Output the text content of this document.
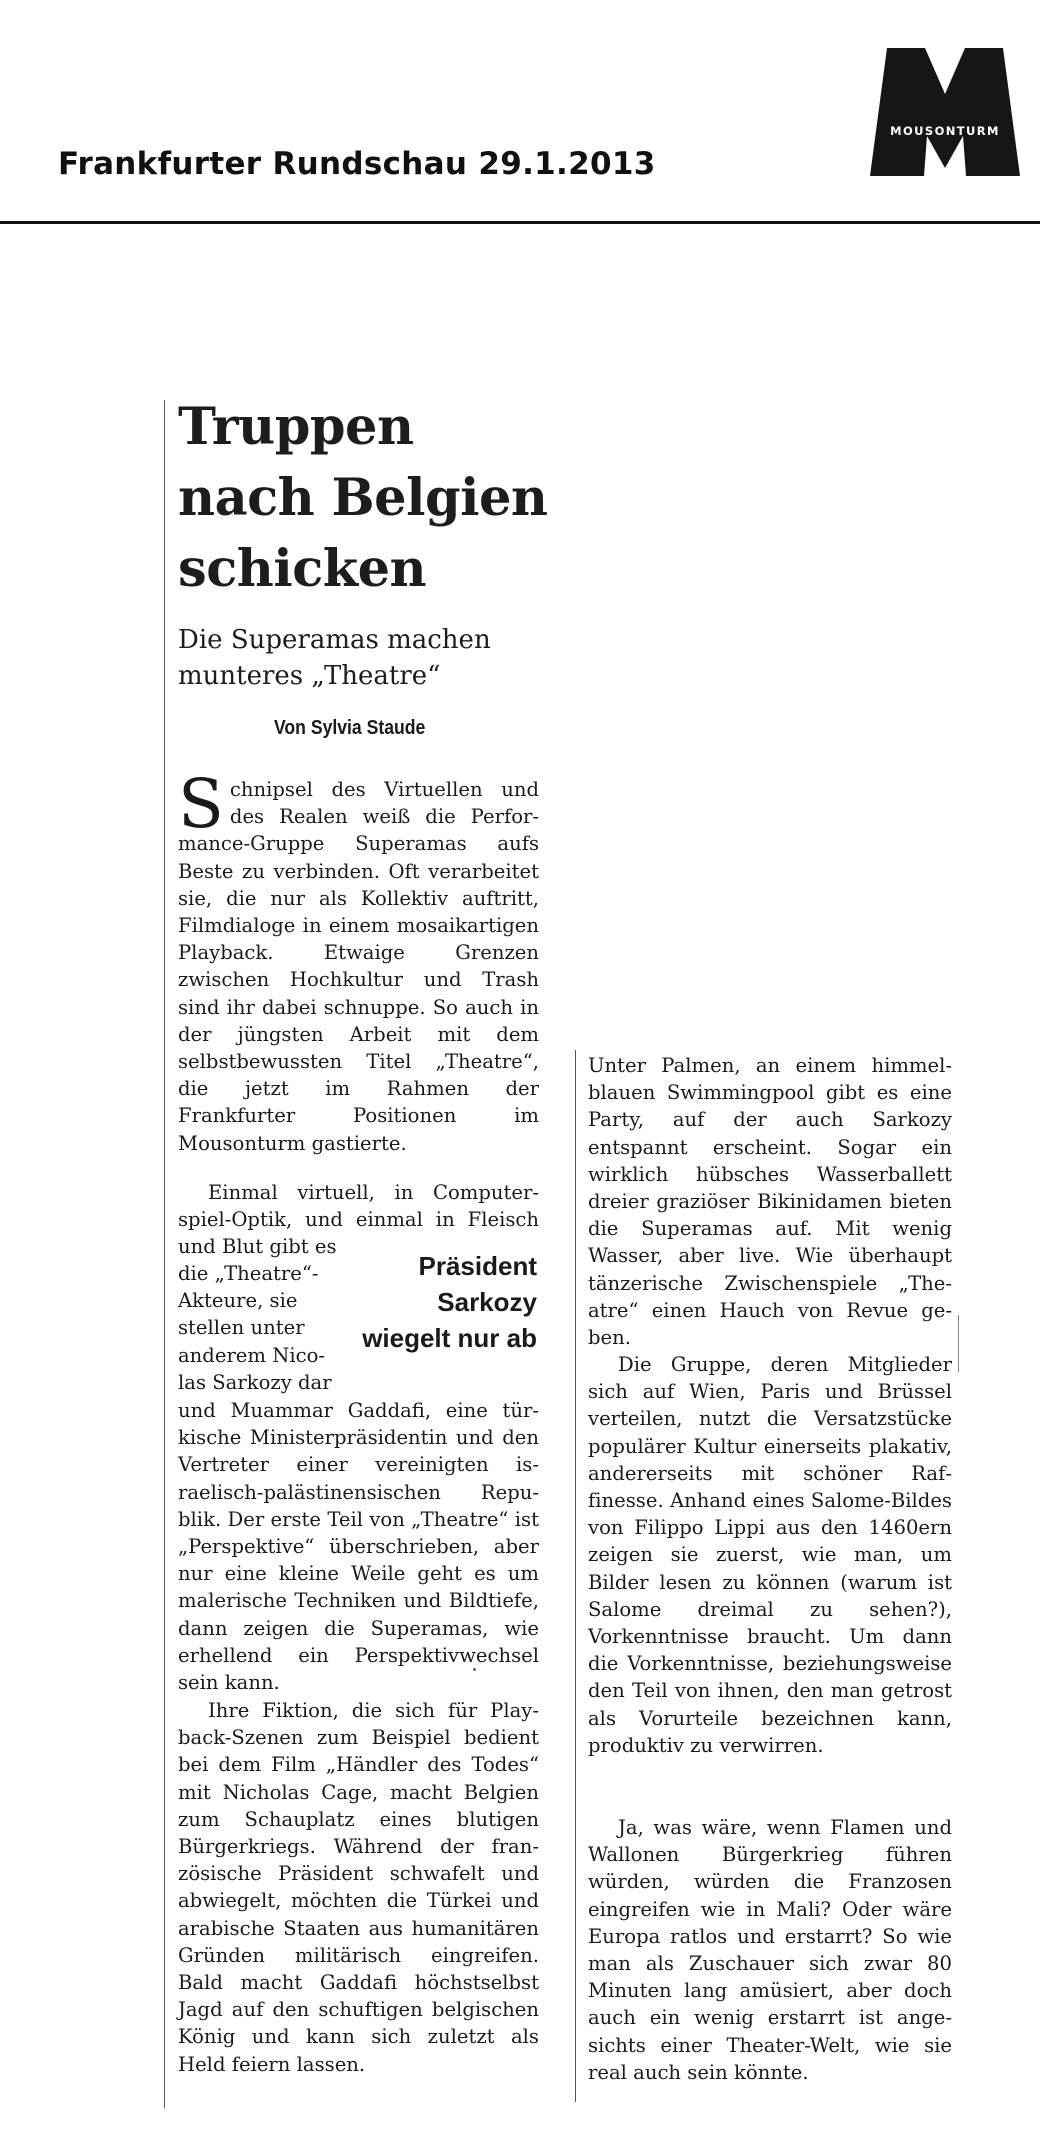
Frankfurter Rundschau 29.1.2013
MOUSONTURM
Truppen
nach Belgien
schicken
Die Superamas machen
munteres „Theatre“
Von Sylvia Staude

Schnipsel des Virtuellen und des Realen weiß die Performance-Gruppe Superamas aufs Beste zu verbinden. Oft verarbeitet sie, die nur als Kollektiv auftritt, Filmdialoge in einem mosaikartigen Playback. Etwaige Grenzen zwischen Hochkultur und Trash sind ihr dabei schnuppe. So auch in der jüngsten Arbeit mit dem selbstbewussten Titel „Theatre“, die jetzt im Rahmen der Frankfurter Positionen im Mousonturm gastierte.

Einmal virtuell, in Computerspiel-Optik, und einmal in Fleisch und Blut gibt es

die „Theatre“-Akteure, sie stellen unter anderem Nicolas Sarkozy dar

Präsident
Sarkozy
wiegelt nur ab

und Muammar Gaddafi, eine türkische Ministerpräsidentin und den Vertreter einer vereinigten israelisch-palästinensischen Republik. Der erste Teil von „Theatre“ ist „Perspektive“ überschrieben, aber nur eine kleine Weile geht es um malerische Techniken und Bildtiefe, dann zeigen die Superamas, wie erhellend ein Perspektivwechsel sein kann.

Ihre Fiktion, die sich für Playback-Szenen zum Beispiel bedient bei dem Film „Händler des Todes“ mit Nicholas Cage, macht Belgien zum Schauplatz eines blutigen Bürgerkriegs. Während der französische Präsident schwafelt und abwiegelt, möchten die Türkei und arabische Staaten aus humanitären Gründen militärisch eingreifen. Bald macht Gaddafi höchstselbst Jagd auf den schuftigen belgischen König und kann sich zuletzt als Held feiern lassen.

Unter Palmen, an einem himmelblauen Swimmingpool gibt es eine Party, auf der auch Sarkozy entspannt erscheint. Sogar ein wirklich hübsches Wasserballett dreier graziöser Bikinidamen bieten die Superamas auf. Mit wenig Wasser, aber live. Wie überhaupt tänzerische Zwischenspiele „Theatre“ einen Hauch von Revue geben.

Die Gruppe, deren Mitglieder sich auf Wien, Paris und Brüssel verteilen, nutzt die Versatzstücke populärer Kultur einerseits plakativ, andererseits mit schöner Raffinesse. Anhand eines Salome-Bildes von Filippo Lippi aus den 1460ern zeigen sie zuerst, wie man, um Bilder lesen zu können (warum ist Salome dreimal zu sehen?), Vorkenntnisse braucht. Um dann die Vorkenntnisse, beziehungsweise den Teil von ihnen, den man getrost als Vorurteile bezeichnen kann, produktiv zu verwirren.

Ja, was wäre, wenn Flamen und Wallonen Bürgerkrieg führen würden, würden die Franzosen eingreifen wie in Mali? Oder wäre Europa ratlos und erstarrt? So wie man als Zuschauer sich zwar 80 Minuten lang amüsiert, aber doch auch ein wenig erstarrt ist angesichts einer Theater-Welt, wie sie real auch sein könnte.
